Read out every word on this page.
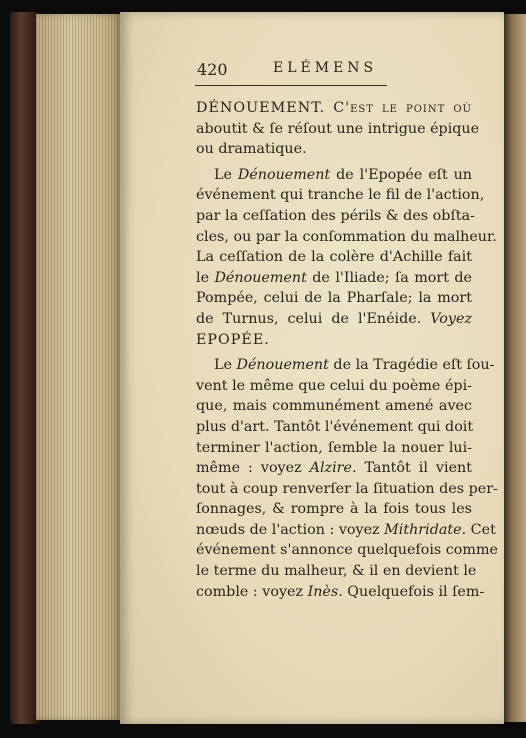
420	ELÉMENS

DÉNOUEMENT. C'eſt le point où
aboutit & ſe réſout une intrigue épique
ou dramatique.

Le Dénouement de l'Epopée eſt un
événement qui tranche le fil de l'action,
par la ceſſation des périls & des obſta-
cles, ou par la conſommation du malheur.
La ceſſation de la colère d'Achille fait
le Dénouement de l'Iliade; ſa mort de
Pompée, celui de la Pharſale; la mort
de Turnus, celui de l'Enéide. Voyez
EPOPÉE.

Le Dénouement de la Tragédie eſt ſou-
vent le même que celui du poème épi-
que, mais communément amené avec
plus d'art. Tantôt l'événement qui doit
terminer l'action, ſemble la nouer lui-
même : voyez Alzire. Tantôt il vient
tout à coup renverſer la ſituation des per-
ſonnages, & rompre à la fois tous les
nœuds de l'action : voyez Mithridate. Cet
événement s'annonce quelquefois comme
le terme du malheur, & il en devient le
comble : voyez Inès. Quelquefois il ſem-
